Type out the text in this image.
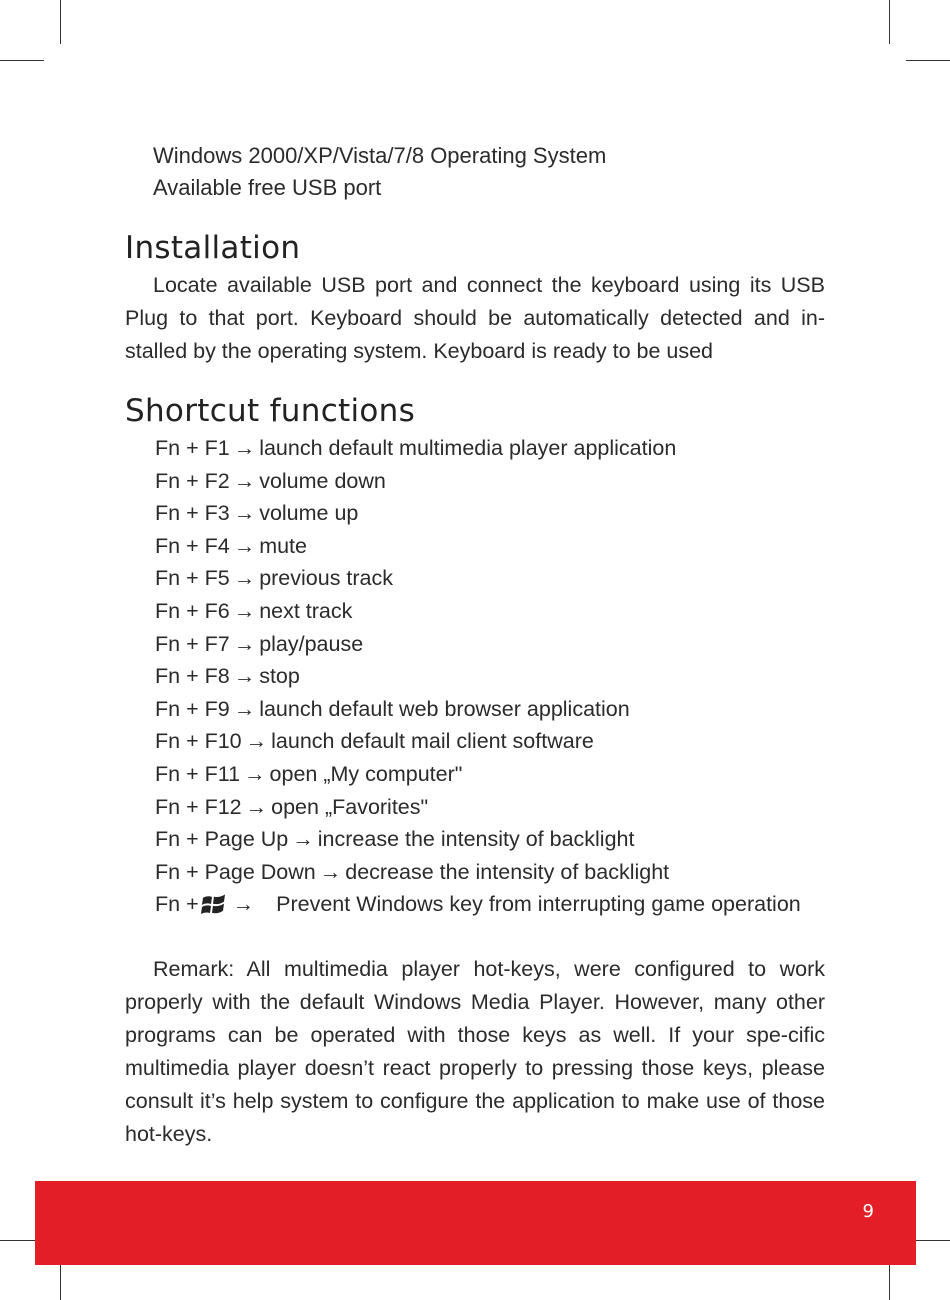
Windows 2000/XP/Vista/7/8 Operating System
Available free USB port
Installation

Locate available USB port and connect the keyboard using its USB Plug to that port. Keyboard should be automatically detected and in-stalled by the operating system. Keyboard is ready to be used

Shortcut functions
Fn + F1 → launch default multimedia player application
Fn + F2 → volume down
Fn + F3 → volume up
Fn + F4 → mute
Fn + F5 → previous track
Fn + F6 → next track
Fn + F7 → play/pause
Fn + F8 → stop
Fn + F9 → launch default web browser application
Fn + F10 → launch default mail client software
Fn + F11 → open „My computer"
Fn + F12 → open „Favorites"
Fn + Page Up → increase the intensity of backlight
Fn + Page Down → decrease the intensity of backlight
Fn + → Prevent Windows key from interrupting game operation

Remark: All multimedia player hot-keys, were configured to work properly with the default Windows Media Player. However, many other programs can be operated with those keys as well. If your spe-cific multimedia player doesn’t react properly to pressing those keys, please consult it’s help system to configure the application to make use of those hot-keys.

9
